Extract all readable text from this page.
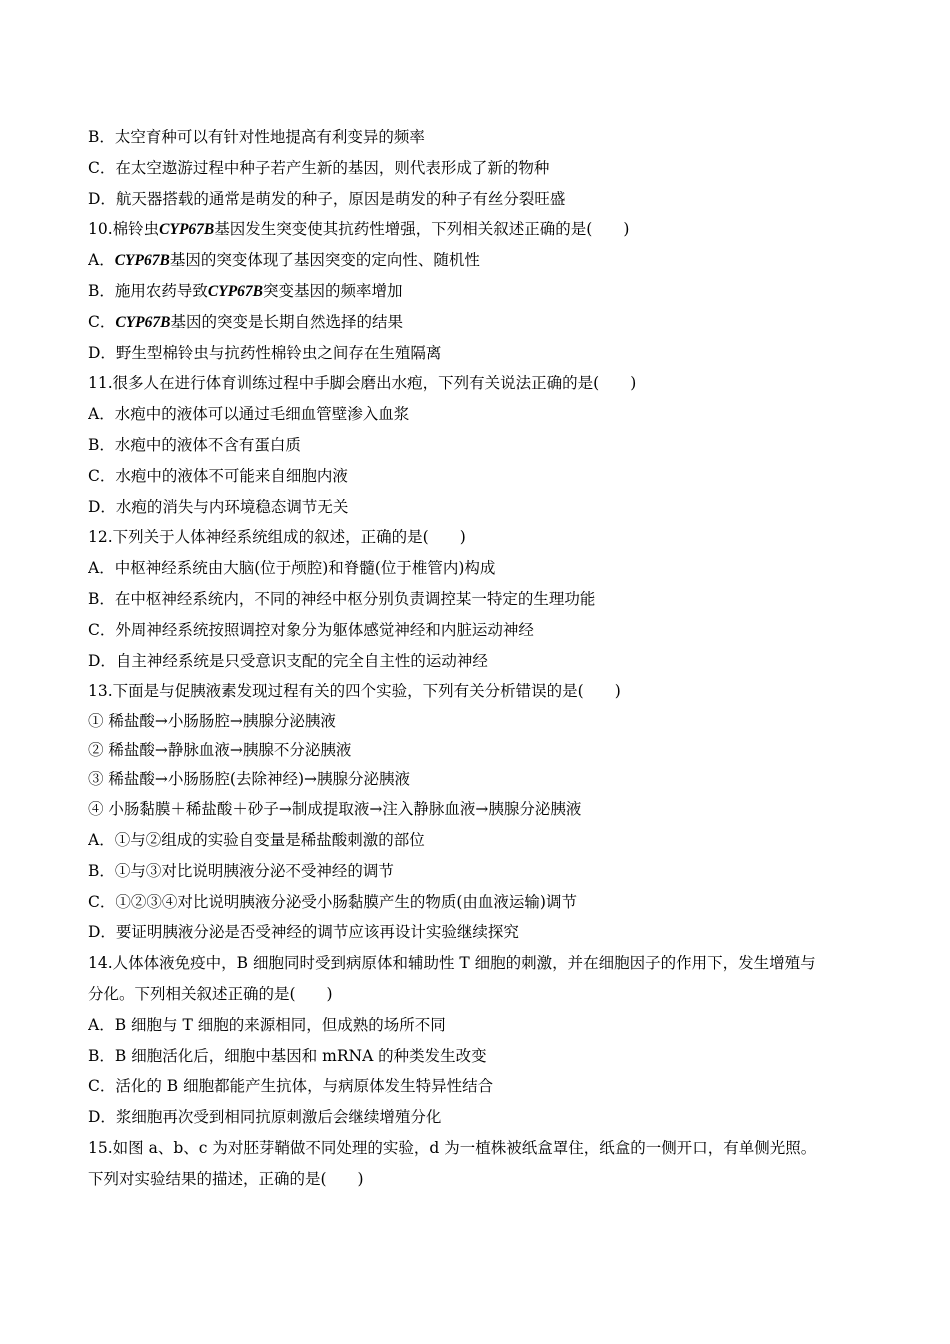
B．太空育种可以有针对性地提高有利变异的频率
C．在太空遨游过程中种子若产生新的基因，则代表形成了新的物种
D．航天器搭载的通常是萌发的种子，原因是萌发的种子有丝分裂旺盛
10.棉铃虫CYP67B基因发生突变使其抗药性增强，下列相关叙述正确的是(　　)
A．CYP67B基因的突变体现了基因突变的定向性、随机性
B．施用农药导致CYP67B突变基因的频率增加
C．CYP67B基因的突变是长期自然选择的结果
D．野生型棉铃虫与抗药性棉铃虫之间存在生殖隔离
11.很多人在进行体育训练过程中手脚会磨出水疱，下列有关说法正确的是(　　)
A．水疱中的液体可以通过毛细血管壁渗入血浆
B．水疱中的液体不含有蛋白质
C．水疱中的液体不可能来自细胞内液
D．水疱的消失与内环境稳态调节无关
12.下列关于人体神经系统组成的叙述，正确的是(　　)
A．中枢神经系统由大脑(位于颅腔)和脊髓(位于椎管内)构成
B．在中枢神经系统内，不同的神经中枢分别负责调控某一特定的生理功能
C．外周神经系统按照调控对象分为躯体感觉神经和内脏运动神经
D．自主神经系统是只受意识支配的完全自主性的运动神经
13.下面是与促胰液素发现过程有关的四个实验，下列有关分析错误的是(　　)
① 稀盐酸→小肠肠腔→胰腺分泌胰液
② 稀盐酸→静脉血液→胰腺不分泌胰液
③ 稀盐酸→小肠肠腔(去除神经)→胰腺分泌胰液
④ 小肠黏膜＋稀盐酸＋砂子→制成提取液→注入静脉血液→胰腺分泌胰液
A．①与②组成的实验自变量是稀盐酸刺激的部位
B．①与③对比说明胰液分泌不受神经的调节
C．①②③④对比说明胰液分泌受小肠黏膜产生的物质(由血液运输)调节
D．要证明胰液分泌是否受神经的调节应该再设计实验继续探究
14.人体体液免疫中，B 细胞同时受到病原体和辅助性 T 细胞的刺激，并在细胞因子的作用下，发生增殖与
分化。下列相关叙述正确的是(　　)
A．B 细胞与 T 细胞的来源相同，但成熟的场所不同
B．B 细胞活化后，细胞中基因和 mRNA 的种类发生改变
C．活化的 B 细胞都能产生抗体，与病原体发生特异性结合
D．浆细胞再次受到相同抗原刺激后会继续增殖分化
15.如图 a、b、c 为对胚芽鞘做不同处理的实验，d 为一植株被纸盒罩住，纸盒的一侧开口，有单侧光照。
下列对实验结果的描述，正确的是(　　)
